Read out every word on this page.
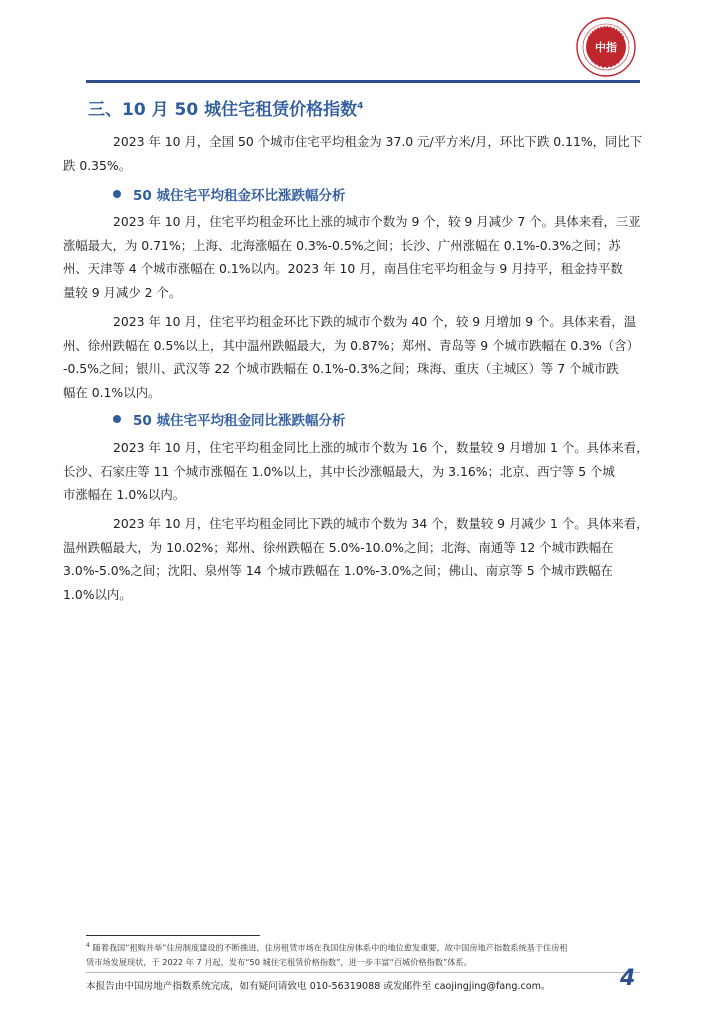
中指
三、10 月 50 城住宅租赁价格指数$^4$

2023 年 10 月，全国 50 个城市住宅平均租金为 37.0 元/平方米/月，环比下跌 0.11%，同比下
跌 0.35%。

50 城住宅平均租金环比涨跌幅分析

2023 年 10 月，住宅平均租金环比上涨的城市个数为 9 个，较 9 月减少 7 个。具体来看，三亚
涨幅最大，为 0.71%；上海、北海涨幅在 0.3%-0.5%之间；长沙、广州涨幅在 0.1%-0.3%之间；苏
州、天津等 4 个城市涨幅在 0.1%以内。2023 年 10 月，南昌住宅平均租金与 9 月持平，租金持平数
量较 9 月减少 2 个。

2023 年 10 月，住宅平均租金环比下跌的城市个数为 40 个，较 9 月增加 9 个。具体来看，温
州、徐州跌幅在 0.5%以上，其中温州跌幅最大，为 0.87%；郑州、青岛等 9 个城市跌幅在 0.3%（含）
-0.5%之间；银川、武汉等 22 个城市跌幅在 0.1%-0.3%之间；珠海、重庆（主城区）等 7 个城市跌
幅在 0.1%以内。

50 城住宅平均租金同比涨跌幅分析

2023 年 10 月，住宅平均租金同比上涨的城市个数为 16 个，数量较 9 月增加 1 个。具体来看，
长沙、石家庄等 11 个城市涨幅在 1.0%以上，其中长沙涨幅最大，为 3.16%；北京、西宁等 5 个城
市涨幅在 1.0%以内。

2023 年 10 月，住宅平均租金同比下跌的城市个数为 34 个，数量较 9 月减少 1 个。具体来看，
温州跌幅最大，为 10.02%；郑州、徐州跌幅在 5.0%-10.0%之间；北海、南通等 12 个城市跌幅在
3.0%-5.0%之间；沈阳、泉州等 14 个城市跌幅在 1.0%-3.0%之间；佛山、南京等 5 个城市跌幅在
1.0%以内。

$^4$ 随着我国“租购并举”住房制度建设的不断推进，住房租赁市场在我国住房体系中的地位愈发重要，故中国房地产指数系统基于住房租
赁市场发展现状，于 2022 年 7 月起，发布“50 城住宅租赁价格指数”，进一步丰富“百城价格指数”体系。
本报告由中国房地产指数系统完成，如有疑问请致电 010-56319088 或发邮件至 caojingjing@fang.com。	4
